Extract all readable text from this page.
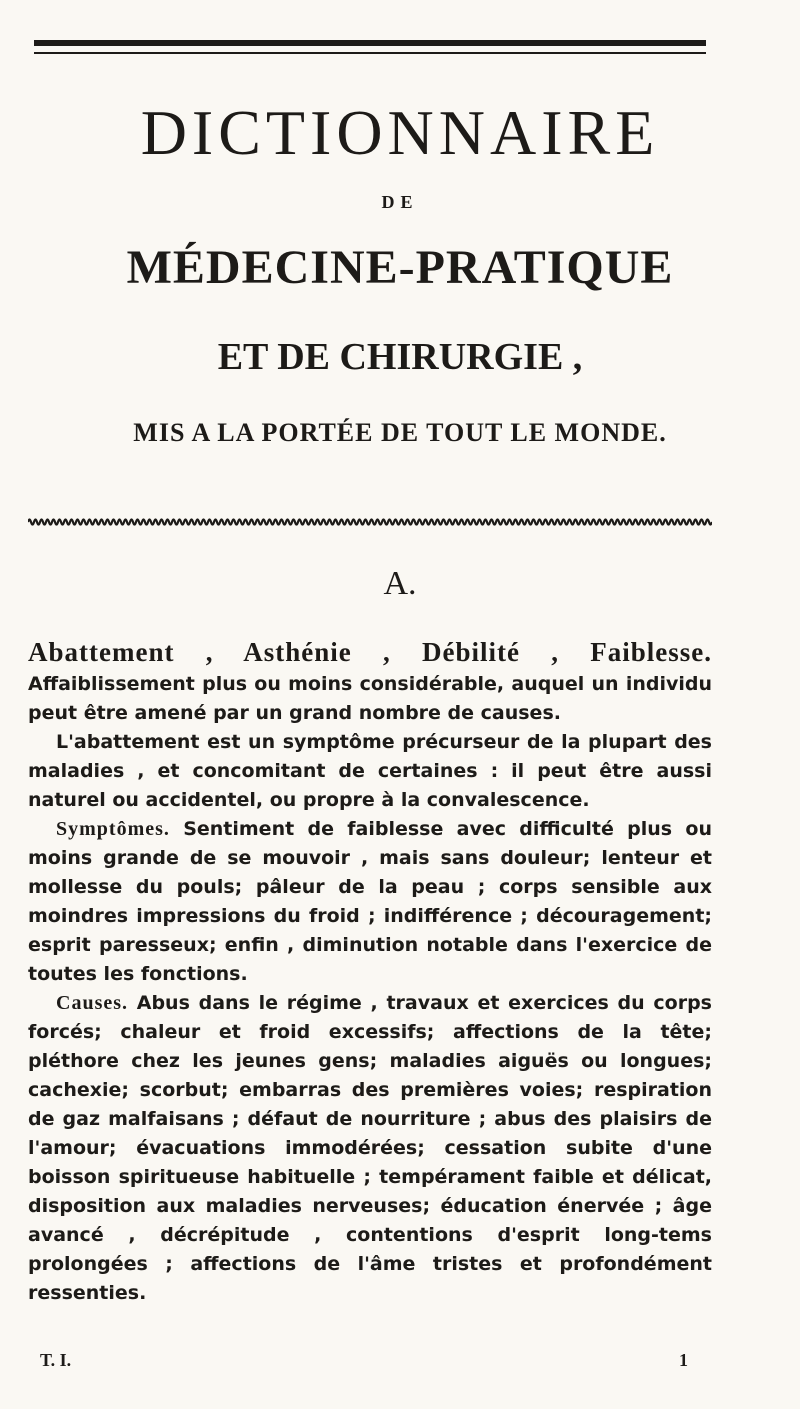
DICTIONNAIRE
DE
MÉDECINE-PRATIQUE
ET DE CHIRURGIE ,
MIS A LA PORTÉE DE TOUT LE MONDE.
A.
Abattement , Asthénie , Débilité , Faiblesse. Affaiblissement plus ou moins considérable, auquel un individu peut être amené par un grand nombre de causes.
L'abattement est un symptôme précurseur de la plupart des maladies , et concomitant de certaines : il peut être aussi naturel ou accidentel, ou propre à la convalescence.
Symptômes. Sentiment de faiblesse avec difficulté plus ou moins grande de se mouvoir , mais sans douleur; lenteur et mollesse du pouls; pâleur de la peau ; corps sensible aux moindres impressions du froid ; indifférence ; découragement; esprit paresseux; enfin , diminution notable dans l'exercice de toutes les fonctions.
Causes. Abus dans le régime , travaux et exercices du corps forcés; chaleur et froid excessifs; affections de la tête; pléthore chez les jeunes gens; maladies aiguës ou longues; cachexie; scorbut; embarras des premières voies; respiration de gaz malfaisans ; défaut de nourriture ; abus des plaisirs de l'amour; évacuations immodérées; cessation subite d'une boisson spiritueuse habituelle ; tempérament faible et délicat, disposition aux maladies nerveuses; éducation énervée ; âge avancé , décrépitude , contentions d'esprit long-tems prolongées ; affections de l'âme tristes et profondément ressenties.
T. I.	1
